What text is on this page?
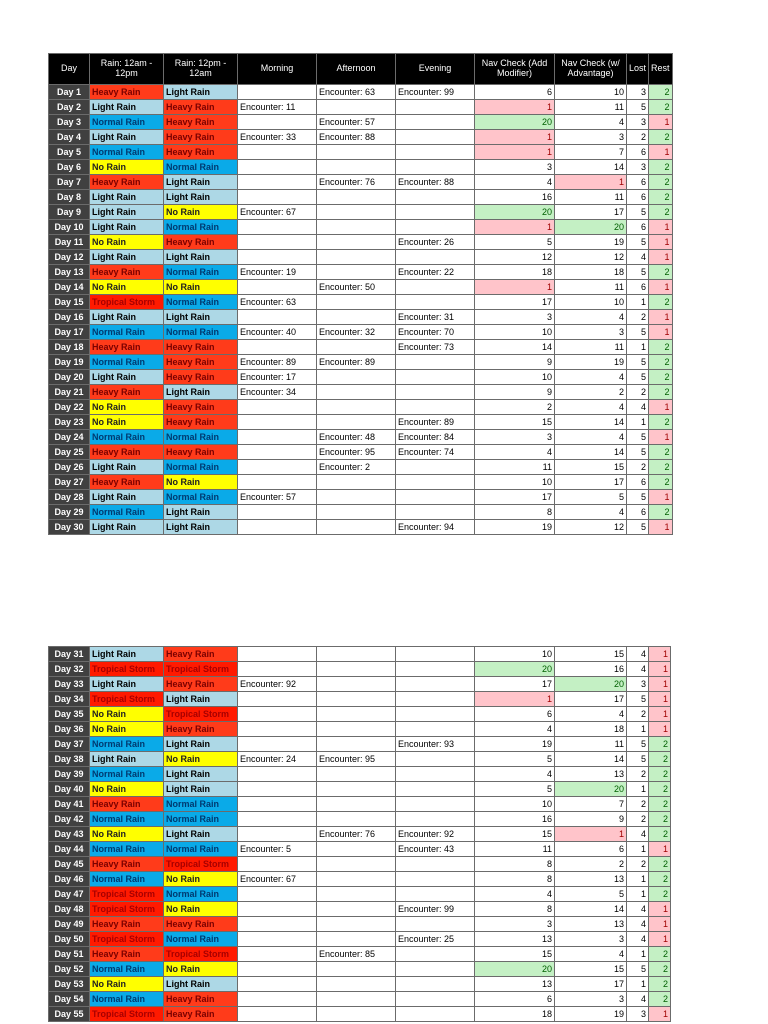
Day	Rain: 12am - 12pm	Rain: 12pm - 12am	Morning	Afternoon	Evening	Nav Check (Add Modifier)	Nav Check (w/ Advantage)	Lost	Rest
Day 1	Heavy Rain	Light Rain		Encounter: 63	Encounter: 99	6	10	3	2
Day 2	Light Rain	Heavy Rain	Encounter: 11			1	11	5	2
Day 3	Normal Rain	Heavy Rain		Encounter: 57		20	4	3	1
Day 4	Light Rain	Heavy Rain	Encounter: 33	Encounter: 88		1	3	2	2
Day 5	Normal Rain	Heavy Rain				1	7	6	1
Day 6	No Rain	Normal Rain				3	14	3	2
Day 7	Heavy Rain	Light Rain		Encounter: 76	Encounter: 88	4	1	6	2
Day 8	Light Rain	Light Rain				16	11	6	2
Day 9	Light Rain	No Rain	Encounter: 67			20	17	5	2
Day 10	Light Rain	Normal Rain				1	20	6	1
Day 11	No Rain	Heavy Rain			Encounter: 26	5	19	5	1
Day 12	Light Rain	Light Rain				12	12	4	1
Day 13	Heavy Rain	Normal Rain	Encounter: 19		Encounter: 22	18	18	5	2
Day 14	No Rain	No Rain		Encounter: 50		1	11	6	1
Day 15	Tropical Storm	Normal Rain	Encounter: 63			17	10	1	2
Day 16	Light Rain	Light Rain			Encounter: 31	3	4	2	1
Day 17	Normal Rain	Normal Rain	Encounter: 40	Encounter: 32	Encounter: 70	10	3	5	1
Day 18	Heavy Rain	Heavy Rain			Encounter: 73	14	11	1	2
Day 19	Normal Rain	Heavy Rain	Encounter: 89	Encounter: 89		9	19	5	2
Day 20	Light Rain	Heavy Rain	Encounter: 17			10	4	5	2
Day 21	Heavy Rain	Light Rain	Encounter: 34			9	2	2	2
Day 22	No Rain	Heavy Rain				2	4	4	1
Day 23	No Rain	Heavy Rain			Encounter: 89	15	14	1	2
Day 24	Normal Rain	Normal Rain		Encounter: 48	Encounter: 84	3	4	5	1
Day 25	Heavy Rain	Heavy Rain		Encounter: 95	Encounter: 74	4	14	5	2
Day 26	Light Rain	Normal Rain		Encounter: 2		11	15	2	2
Day 27	Heavy Rain	No Rain				10	17	6	2
Day 28	Light Rain	Normal Rain	Encounter: 57			17	5	5	1
Day 29	Normal Rain	Light Rain				8	4	6	2
Day 30	Light Rain	Light Rain			Encounter: 94	19	12	5	1
Day 31	Light Rain	Heavy Rain				10	15	4	1
Day 32	Tropical Storm	Tropical Storm				20	16	4	1
Day 33	Light Rain	Heavy Rain	Encounter: 92			17	20	3	1
Day 34	Tropical Storm	Light Rain				1	17	5	1
Day 35	No Rain	Tropical Storm				6	4	2	1
Day 36	No Rain	Heavy Rain				4	18	1	1
Day 37	Normal Rain	Light Rain			Encounter: 93	19	11	5	2
Day 38	Light Rain	No Rain	Encounter: 24	Encounter: 95		5	14	5	2
Day 39	Normal Rain	Light Rain				4	13	2	2
Day 40	No Rain	Light Rain				5	20	1	2
Day 41	Heavy Rain	Normal Rain				10	7	2	2
Day 42	Normal Rain	Normal Rain				16	9	2	2
Day 43	No Rain	Light Rain		Encounter: 76	Encounter: 92	15	1	4	2
Day 44	Normal Rain	Normal Rain	Encounter: 5		Encounter: 43	11	6	1	1
Day 45	Heavy Rain	Tropical Storm				8	2	2	2
Day 46	Normal Rain	No Rain	Encounter: 67			8	13	1	2
Day 47	Tropical Storm	Normal Rain				4	5	1	2
Day 48	Tropical Storm	No Rain			Encounter: 99	8	14	4	1
Day 49	Heavy Rain	Heavy Rain				3	13	4	1
Day 50	Tropical Storm	Normal Rain			Encounter: 25	13	3	4	1
Day 51	Heavy Rain	Tropical Storm		Encounter: 85		15	4	1	2
Day 52	Normal Rain	No Rain				20	15	5	2
Day 53	No Rain	Light Rain				13	17	1	2
Day 54	Normal Rain	Heavy Rain				6	3	4	2
Day 55	Tropical Storm	Heavy Rain				18	19	3	1
